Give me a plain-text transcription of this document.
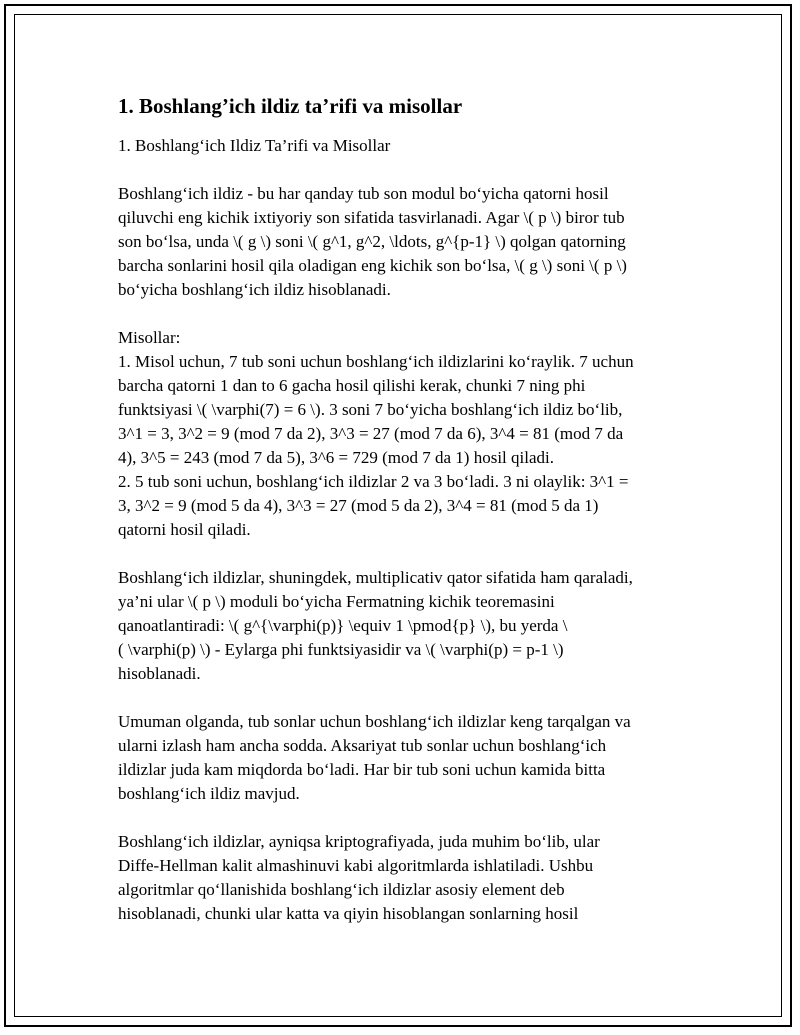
1. Boshlang’ich ildiz ta’rifi va misollar
1. Boshlang‘ich Ildiz Ta’rifi va Misollar
Boshlang‘ich ildiz - bu har qanday tub son modul bo‘yicha qatorni hosil
qiluvchi eng kichik ixtiyoriy son sifatida tasvirlanadi. Agar \( p \) biror tub
son bo‘lsa, unda \( g \) soni \( g^1, g^2, \ldots, g^{p-1} \) qolgan qatorning
barcha sonlarini hosil qila oladigan eng kichik son bo‘lsa, \( g \) soni \( p \)
bo‘yicha boshlang‘ich ildiz hisoblanadi.
Misollar:
1. Misol uchun, 7 tub soni uchun boshlang‘ich ildizlarini ko‘raylik. 7 uchun
barcha qatorni 1 dan to 6 gacha hosil qilishi kerak, chunki 7 ning phi
funktsiyasi \( \varphi(7) = 6 \). 3 soni 7 bo‘yicha boshlang‘ich ildiz bo‘lib,
3^1 = 3, 3^2 = 9 (mod 7 da 2), 3^3 = 27 (mod 7 da 6), 3^4 = 81 (mod 7 da
4), 3^5 = 243 (mod 7 da 5), 3^6 = 729 (mod 7 da 1) hosil qiladi.
2. 5 tub soni uchun, boshlang‘ich ildizlar 2 va 3 bo‘ladi. 3 ni olaylik: 3^1 =
3, 3^2 = 9 (mod 5 da 4), 3^3 = 27 (mod 5 da 2), 3^4 = 81 (mod 5 da 1)
qatorni hosil qiladi.
Boshlang‘ich ildizlar, shuningdek, multiplicativ qator sifatida ham qaraladi,
ya’ni ular \( p \) moduli bo‘yicha Fermatning kichik teoremasini
qanoatlantiradi: \( g^{\varphi(p)} \equiv 1 \pmod{p} \), bu yerda \
( \varphi(p) \) - Eylarga phi funktsiyasidir va \( \varphi(p) = p-1 \)
hisoblanadi.
Umuman olganda, tub sonlar uchun boshlang‘ich ildizlar keng tarqalgan va
ularni izlash ham ancha sodda. Aksariyat tub sonlar uchun boshlang‘ich
ildizlar juda kam miqdorda bo‘ladi. Har bir tub soni uchun kamida bitta
boshlang‘ich ildiz mavjud.
Boshlang‘ich ildizlar, ayniqsa kriptografiyada, juda muhim bo‘lib, ular
Diffe-Hellman kalit almashinuvi kabi algoritmlarda ishlatiladi. Ushbu
algoritmlar qo‘llanishida boshlang‘ich ildizlar asosiy element deb
hisoblanadi, chunki ular katta va qiyin hisoblangan sonlarning hosil
